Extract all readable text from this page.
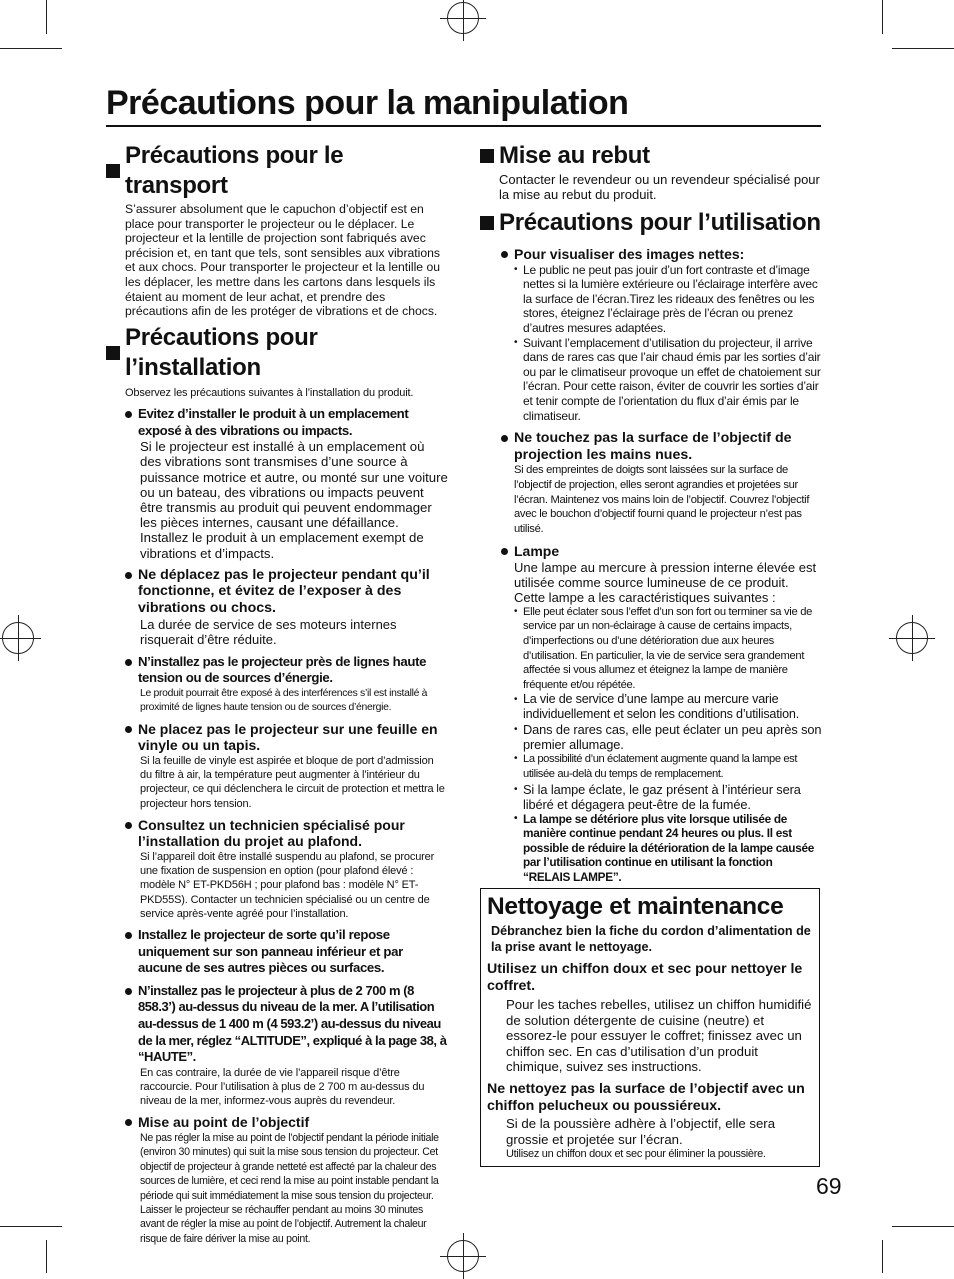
Précautions pour la manipulation
Précautions pour le transport

S’assurer absolument que le capuchon d’objectif est en place pour transporter le projecteur ou le déplacer. Le projecteur et la lentille de projection sont fabriqués avec précision et, en tant que tels, sont sensibles aux vibrations et aux chocs. Pour transporter le projecteur et la lentille ou les déplacer, les mettre dans les cartons dans lesquels ils étaient au moment de leur achat, et prendre des précautions afin de les protéger de vibrations et de chocs.

Précautions pour l’installation

Observez les précautions suivantes à l’installation du produit.

Evitez d’installer le produit à un emplacement exposé à des vibrations ou impacts.

Si le projecteur est installé à un emplacement où des vibrations sont transmises d’une source à puissance motrice et autre, ou monté sur une voiture ou un bateau, des vibrations ou impacts peuvent être transmis au produit qui peuvent endommager les pièces internes, causant une défaillance. Installez le produit à un emplacement exempt de vibrations et d’impacts.

Ne déplacez pas le projecteur pendant qu’il fonctionne, et évitez de l’exposer à des vibrations ou chocs.

La durée de service de ses moteurs internes risquerait d’être réduite.

N’installez pas le projecteur près de lignes haute tension ou de sources d’énergie.

Le produit pourrait être exposé à des interférences s’il est installé à proximité de lignes haute tension ou de sources d’énergie.

Ne placez pas le projecteur sur une feuille en vinyle ou un tapis.

Si la feuille de vinyle est aspirée et bloque de port d’admission du filtre à air, la température peut augmenter à l’intérieur du projecteur, ce qui déclenchera le circuit de protection et mettra le projecteur hors tension.

Consultez un technicien spécialisé pour l’installation du projet au plafond.

Si l’appareil doit être installé suspendu au plafond, se procurer une fixation de suspension en option (pour plafond élevé : modèle N° ET-PKD56H ; pour plafond bas : modèle N° ET-PKD55S). Contacter un technicien spécialisé ou un centre de service après-vente agréé pour l’installation.

Installez le projecteur de sorte qu’il repose uniquement sur son panneau inférieur et par aucune de ses autres pièces ou surfaces.

N’installez pas le projecteur à plus de 2 700 m (8 858.3’) au-dessus du niveau de la mer. A l’utilisation au-dessus de 1 400 m (4 593.2’) au-dessus du niveau de la mer, réglez “ALTITUDE”, expliqué à la page 38, à “HAUTE”.

En cas contraire, la durée de vie l’appareil risque d’être raccourcie. Pour l’utilisation à plus de 2 700 m au-dessus du niveau de la mer, informez-vous auprès du revendeur.

Mise au point de l’objectif

Ne pas régler la mise au point de l’objectif pendant la période initiale (environ 30 minutes) qui suit la mise sous tension du projecteur. Cet objectif de projecteur à grande netteté est affecté par la chaleur des sources de lumière, et ceci rend la mise au point instable pendant la période qui suit immédiatement la mise sous tension du projecteur. Laisser le projecteur se réchauffer pendant au moins 30 minutes avant de régler la mise au point de l’objectif. Autrement la chaleur risque de faire dériver la mise au point.

Mise au rebut

Contacter le revendeur ou un revendeur spécialisé pour la mise au rebut du produit.

Précautions pour l’utilisation

Pour visualiser des images nettes:

• Le public ne peut pas jouir d’un fort contraste et d’image nettes si la lumière extérieure ou l’éclairage interfère avec la surface de l’écran.Tirez les rideaux des fenêtres ou les stores, éteignez l’éclairage près de l’écran ou prenez d’autres mesures adaptées.
• Suivant l’emplacement d’utilisation du projecteur, il arrive dans de rares cas que l’air chaud émis par les sorties d’air ou par le climatiseur provoque un effet de chatoiement sur l’écran. Pour cette raison, éviter de couvrir les sorties d’air et tenir compte de l’orientation du flux d’air émis par le climatiseur.

Ne touchez pas la surface de l’objectif de projection les mains nues.

Si des empreintes de doigts sont laissées sur la surface de l’objectif de projection, elles seront agrandies et projetées sur l’écran. Maintenez vos mains loin de l’objectif. Couvrez l’objectif avec le bouchon d’objectif fourni quand le projecteur n’est pas utilisé.

Lampe

Une lampe au mercure à pression interne élevée est utilisée comme source lumineuse de ce produit. Cette lampe a les caractéristiques suivantes :

• Elle peut éclater sous l’effet d’un son fort ou terminer sa vie de service par un non-éclairage à cause de certains impacts, d’imperfections ou d’une détérioration due aux heures d’utilisation. En particulier, la vie de service sera grandement affectée si vous allumez et éteignez la lampe de manière fréquente et/ou répétée.
• La vie de service d’une lampe au mercure varie individuellement et selon les conditions d’utilisation.
• Dans de rares cas, elle peut éclater un peu après son premier allumage.
• La possibilité d’un éclatement augmente quand la lampe est utilisée au-delà du temps de remplacement.
• Si la lampe éclate, le gaz présent à l’intérieur sera libéré et dégagera peut-être de la fumée.
• La lampe se détériore plus vite lorsque utilisée de manière continue pendant 24 heures ou plus. Il est possible de réduire la détérioration de la lampe causée par l’utilisation continue en utilisant la fonction “RELAIS LAMPE”.
Nettoyage et maintenance

Débranchez bien la fiche du cordon d’alimentation de la prise avant le nettoyage.

Utilisez un chiffon doux et sec pour nettoyer le coffret.

Pour les taches rebelles, utilisez un chiffon humidifié de solution détergente de cuisine (neutre) et essorez-le pour essuyer le coffret; finissez avec un chiffon sec. En cas d’utilisation d’un produit chimique, suivez ses instructions.

Ne nettoyez pas la surface de l’objectif avec un chiffon pelucheux ou poussiéreux.

Si de la poussière adhère à l’objectif, elle sera grossie et projetée sur l’écran.

Utilisez un chiffon doux et sec pour éliminer la poussière.

69
